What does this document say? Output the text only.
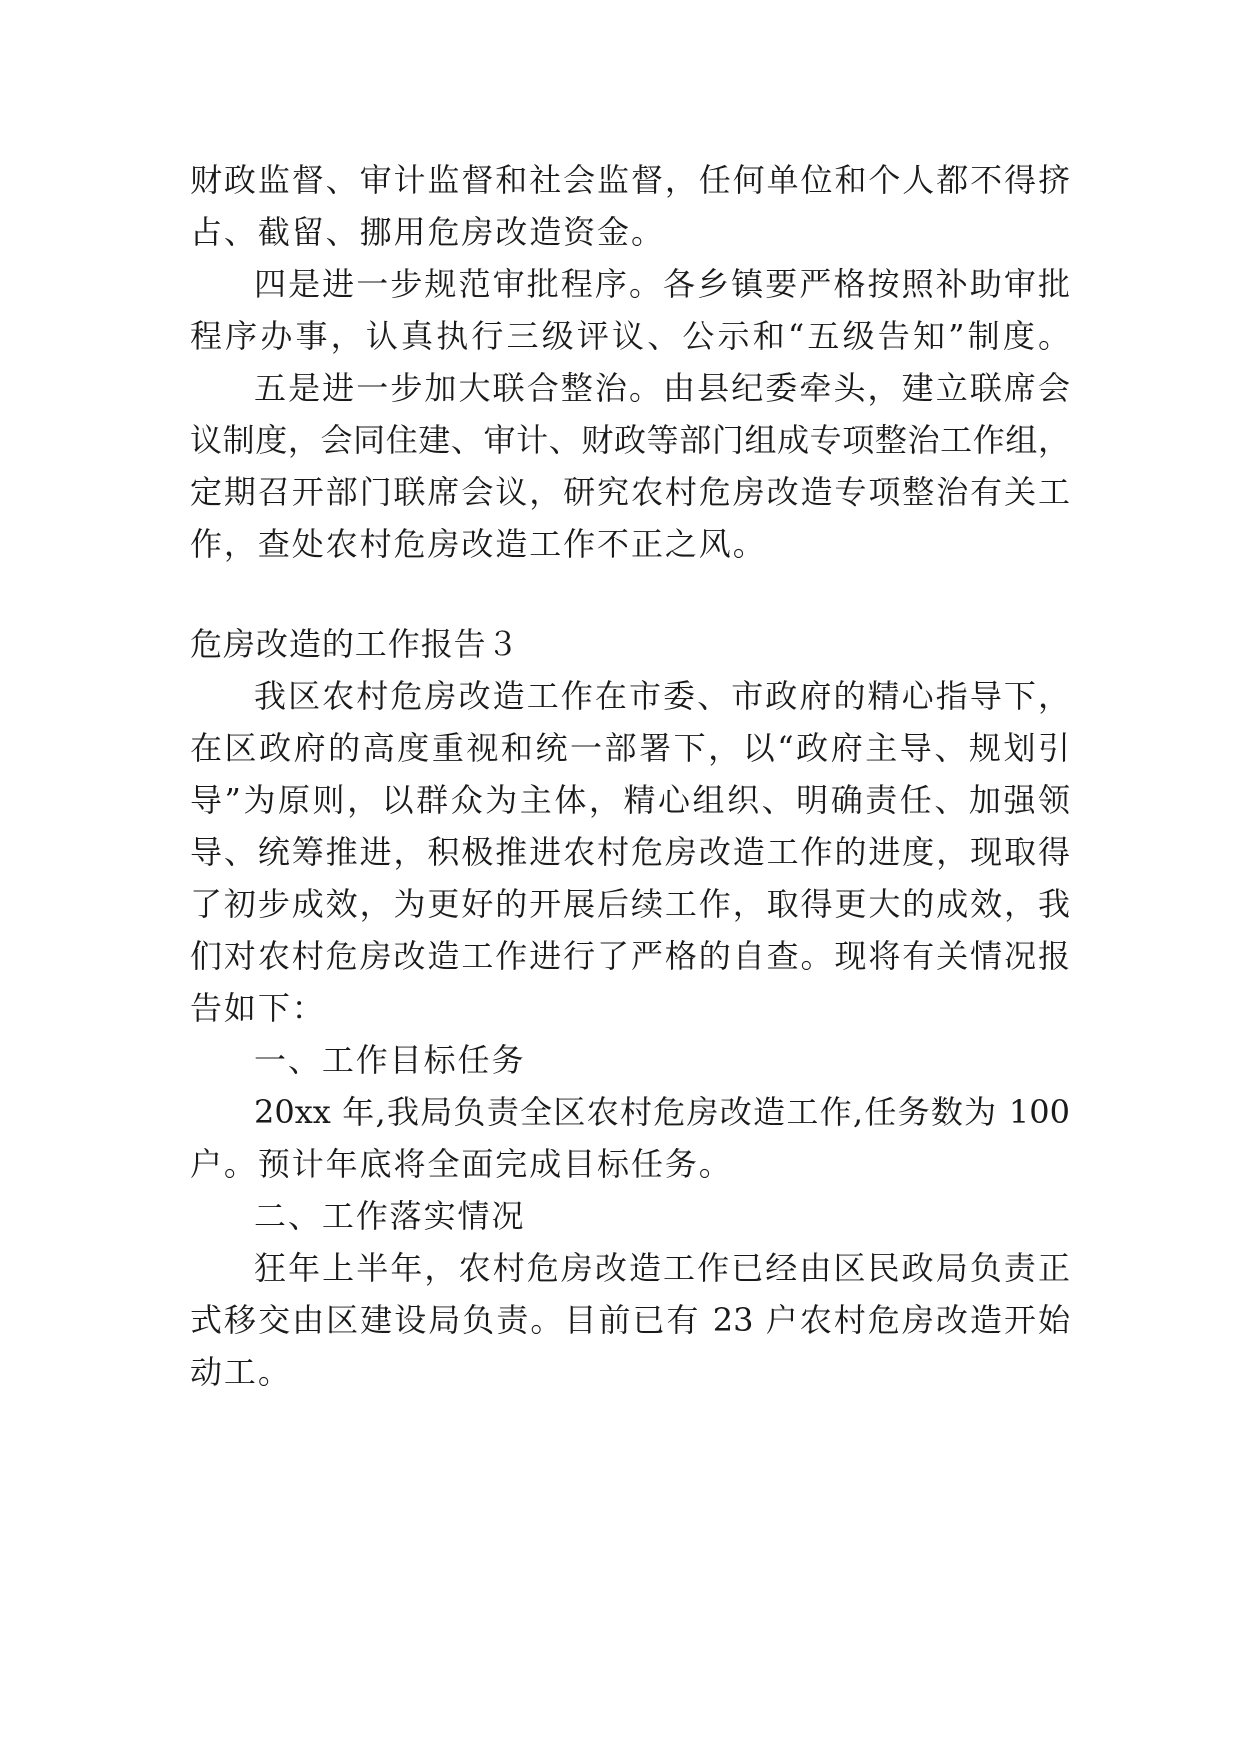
财政监督、审计监督和社会监督，任何单位和个人都不得挤
占、截留、挪用危房改造资金。
四是进一步规范审批程序。各乡镇要严格按照补助审批
程序办事，认真执行三级评议、公示和“五级告知”制度。
五是进一步加大联合整治。由县纪委牵头，建立联席会
议制度，会同住建、审计、财政等部门组成专项整治工作组，
定期召开部门联席会议，研究农村危房改造专项整治有关工
作，查处农村危房改造工作不正之风。
危房改造的工作报告３
我区农村危房改造工作在市委、市政府的精心指导下，
在区政府的高度重视和统一部署下，以“政府主导、规划引
导”为原则，以群众为主体，精心组织、明确责任、加强领
导、统筹推进，积极推进农村危房改造工作的进度，现取得
了初步成效，为更好的开展后续工作，取得更大的成效，我
们对农村危房改造工作进行了严格的自查。现将有关情况报
告如下：
一、工作目标任务
20xx 年,我局负责全区农村危房改造工作,任务数为 100
户。预计年底将全面完成目标任务。
二、工作落实情况
狂年上半年，农村危房改造工作已经由区民政局负责正
式移交由区建设局负责。目前已有 23 户农村危房改造开始
动工。
